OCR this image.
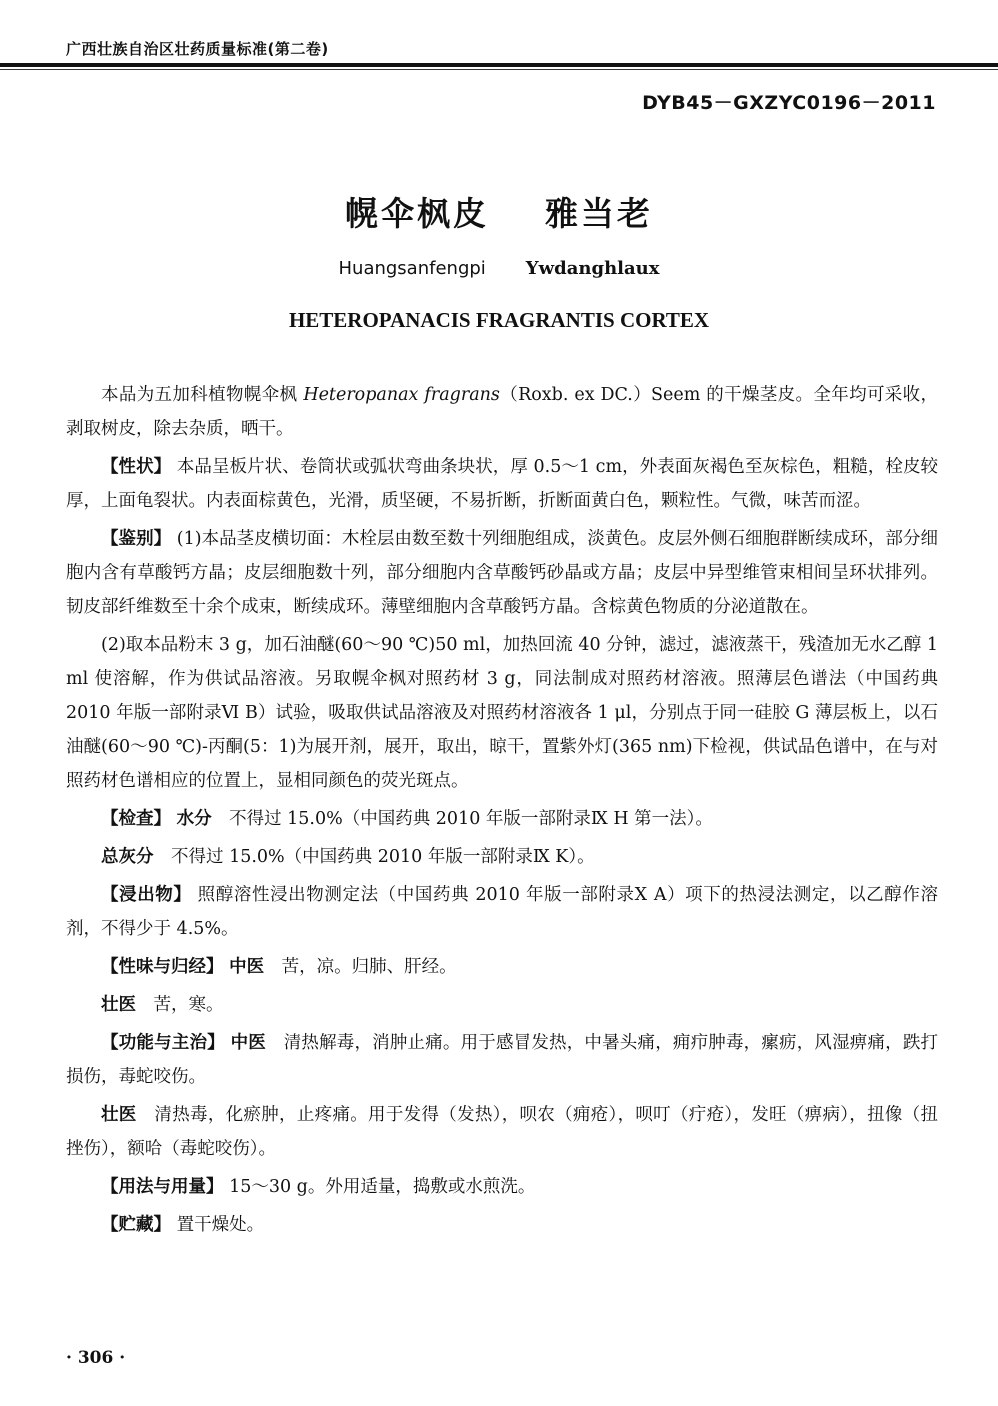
广西壮族自治区壮药质量标准(第二卷)
DYB45－GXZYC0196－2011
幌伞枫皮 雅当老
Huangsanfengpi Ywdanghlaux
HETEROPANACIS FRAGRANTIS CORTEX

本品为五加科植物幌伞枫 Heteropanax fragrans（Roxb. ex DC.）Seem 的干燥茎皮。全年均可采收，剥取树皮，除去杂质，晒干。

【性状】 本品呈板片状、卷筒状或弧状弯曲条块状，厚 0.5～1 cm，外表面灰褐色至灰棕色，粗糙，栓皮较厚，上面龟裂状。内表面棕黄色，光滑，质坚硬，不易折断，折断面黄白色，颗粒性。气微，味苦而涩。

【鉴别】 (1)本品茎皮横切面：木栓层由数至数十列细胞组成，淡黄色。皮层外侧石细胞群断续成环，部分细胞内含有草酸钙方晶；皮层细胞数十列，部分细胞内含草酸钙砂晶或方晶；皮层中异型维管束相间呈环状排列。韧皮部纤维数至十余个成束，断续成环。薄壁细胞内含草酸钙方晶。含棕黄色物质的分泌道散在。

(2)取本品粉末 3 g，加石油醚(60～90 ℃)50 ml，加热回流 40 分钟，滤过，滤液蒸干，残渣加无水乙醇 1 ml 使溶解，作为供试品溶液。另取幌伞枫对照药材 3 g，同法制成对照药材溶液。照薄层色谱法（中国药典 2010 年版一部附录Ⅵ B）试验，吸取供试品溶液及对照药材溶液各 1 μl，分别点于同一硅胶 G 薄层板上，以石油醚(60～90 ℃)-丙酮(5：1)为展开剂，展开，取出，晾干，置紫外灯(365 nm)下检视，供试品色谱中，在与对照药材色谱相应的位置上，显相同颜色的荧光斑点。

【检查】 水分　 不得过 15.0%（中国药典 2010 年版一部附录Ⅸ H 第一法）。

总灰分　 不得过 15.0%（中国药典 2010 年版一部附录Ⅸ K）。

【浸出物】 照醇溶性浸出物测定法（中国药典 2010 年版一部附录Ⅹ A）项下的热浸法测定，以乙醇作溶剂，不得少于 4.5%。

【性味与归经】 中医　 苦，凉。归肺、肝经。

壮医　 苦，寒。

【功能与主治】 中医　 清热解毒，消肿止痛。用于感冒发热，中暑头痛，痈疖肿毒，瘰疬，风湿痹痛，跌打损伤，毒蛇咬伤。

壮医　 清热毒，化瘀肿，止疼痛。用于发得（发热），呗农（痈疮），呗叮（疔疮），发旺（痹病），扭像（扭挫伤），额哈（毒蛇咬伤）。

【用法与用量】 15～30 g。外用适量，捣敷或水煎洗。

【贮藏】 置干燥处。

· 306 ·
